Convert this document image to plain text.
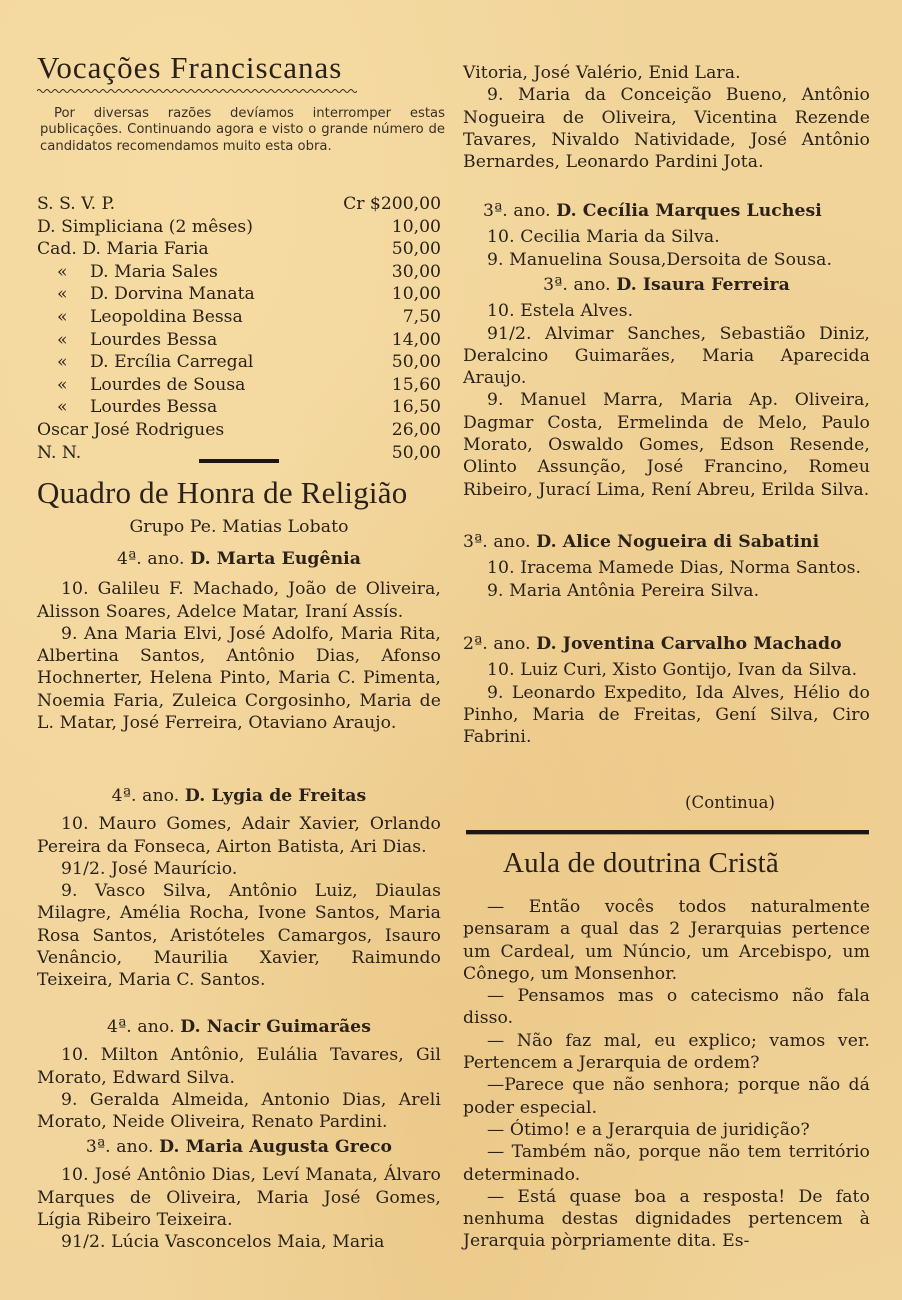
Vocações Franciscanas

Por diversas razões devíamos interromper estas publicações. Continuando agora e visto o grande número de candidatos recomendamos muito esta obra.

S. S. V. P.	Cr $200,00
D. Simpliciana (2 mêses)	10,00
Cad. D. Maria Faria	50,00
« D. Maria Sales	30,00
« D. Dorvina Manata	10,00
« Leopoldina Bessa	7,50
« Lourdes Bessa	14,00
« D. Ercília Carregal	50,00
« Lourdes de Sousa	15,60
« Lourdes Bessa	16,50
Oscar José Rodrigues	26,00
N. N.	50,00
Quadro de Honra de Religião

Grupo Pe. Matias Lobato

4ª. ano. D. Marta Eugênia

10. Galileu F. Machado, João de Oliveira, Alisson Soares, Adelce Matar, Iraní Assís.

9. Ana Maria Elvi, José Adolfo, Maria Rita, Albertina Santos, Antônio Dias, Afonso Hochnerter, Helena Pinto, Maria C. Pimenta, Noemia Faria, Zuleica Corgosinho, Maria de L. Matar, José Ferreira, Otaviano Araujo.

4ª. ano. D. Lygia de Freitas

10. Mauro Gomes, Adair Xavier, Orlando Pereira da Fonseca, Airton Batista, Ari Dias.

91/2. José Maurício.

9. Vasco Silva, Antônio Luiz, Diaulas Milagre, Amélia Rocha, Ivone Santos, Maria Rosa Santos, Aristóteles Camargos, Isauro Venâncio, Maurilia Xavier, Raimundo Teixeira, Maria C. Santos.

4ª. ano. D. Nacir Guimarães

10. Milton Antônio, Eulália Tavares, Gil Morato, Edward Silva.

9. Geralda Almeida, Antonio Dias, Areli Morato, Neide Oliveira, Renato Pardini.

3ª. ano. D. Maria Augusta Greco

10. José Antônio Dias, Leví Manata, Álvaro Marques de Oliveira, Maria José Gomes, Lígia Ribeiro Teixeira.

91/2. Lúcia Vasconcelos Maia, Maria

Vitoria, José Valério, Enid Lara.

9. Maria da Conceição Bueno, Antônio Nogueira de Oliveira, Vicentina Rezende Tavares, Nivaldo Natividade, José Antônio Bernardes, Leonardo Pardini Jota.

3ª. ano. D. Cecília Marques Luchesi

10. Cecilia Maria da Silva.

9. Manuelina Sousa,Dersoita de Sousa.

3ª. ano. D. Isaura Ferreira

10. Estela Alves.

91/2. Alvimar Sanches, Sebastião Diniz, Deralcino Guimarães, Maria Aparecida Araujo.

9. Manuel Marra, Maria Ap. Oliveira, Dagmar Costa, Ermelinda de Melo, Paulo Morato, Oswaldo Gomes, Edson Resende, Olinto Assunção, José Francino, Romeu Ribeiro, Jurací Lima, Rení Abreu, Erilda Silva.

3ª. ano. D. Alice Nogueira di Sabatini

10. Iracema Mamede Dias, Norma Santos.

9. Maria Antônia Pereira Silva.

2ª. ano. D. Joventina Carvalho Machado

10. Luiz Curi, Xisto Gontijo, Ivan da Silva.

9. Leonardo Expedito, Ida Alves, Hélio do Pinho, Maria de Freitas, Gení Silva, Ciro Fabrini.

(Continua)
Aula de doutrina Cristã

— Então vocês todos naturalmente pensaram a qual das 2 Jerarquias pertence um Cardeal, um Núncio, um Arcebispo, um Cônego, um Monsenhor.

— Pensamos mas o catecismo não fala disso.

— Não faz mal, eu explico; vamos ver. Pertencem a Jerarquia de ordem?

—Parece que não senhora; porque não dá poder especial.

— Ótimo! e a Jerarquia de juridição?

— Também não, porque não tem território determinado.

— Está quase boa a resposta! De fato nenhuma destas dignidades pertencem à Jerarquia pòrpriamente dita. Es-
